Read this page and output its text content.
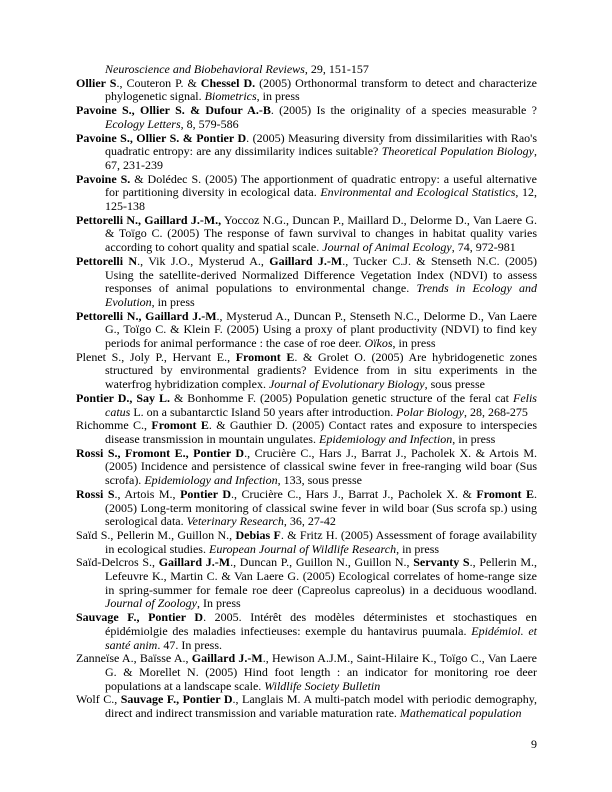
Neuroscience and Biobehavioral Reviews, 29, 151-157

Ollier S., Couteron P. & Chessel D. (2005) Orthonormal transform to detect and characterize phylogenetic signal. Biometrics, in press

Pavoine S., Ollier S. & Dufour A.-B. (2005) Is the originality of a species measurable ? Ecology Letters, 8, 579-586

Pavoine S., Ollier S. & Pontier D. (2005) Measuring diversity from dissimilarities with Rao's quadratic entropy: are any dissimilarity indices suitable? Theoretical Population Biology, 67, 231-239

Pavoine S. & Dolédec S. (2005) The apportionment of quadratic entropy: a useful alternative for partitioning diversity in ecological data. Environmental and Ecological Statistics, 12, 125-138

Pettorelli N., Gaillard J.-M., Yoccoz N.G., Duncan P., Maillard D., Delorme D., Van Laere G. & Toïgo C. (2005) The response of fawn survival to changes in habitat quality varies according to cohort quality and spatial scale. Journal of Animal Ecology, 74, 972-981

Pettorelli N., Vik J.O., Mysterud A., Gaillard J.-M., Tucker C.J. & Stenseth N.C. (2005) Using the satellite-derived Normalized Difference Vegetation Index (NDVI) to assess responses of animal populations to environmental change. Trends in Ecology and Evolution, in press

Pettorelli N., Gaillard J.-M., Mysterud A., Duncan P., Stenseth N.C., Delorme D., Van Laere G., Toïgo C. & Klein F. (2005) Using a proxy of plant productivity (NDVI) to find key periods for animal performance : the case of roe deer. Oïkos, in press

Plenet S., Joly P., Hervant E., Fromont E. & Grolet O. (2005) Are hybridogenetic zones structured by environmental gradients? Evidence from in situ experiments in the waterfrog hybridization complex. Journal of Evolutionary Biology, sous presse

Pontier D., Say L. & Bonhomme F. (2005) Population genetic structure of the feral cat Felis catus L. on a subantarctic Island 50 years after introduction. Polar Biology, 28, 268-275

Richomme C., Fromont E. & Gauthier D. (2005) Contact rates and exposure to interspecies disease transmission in mountain ungulates. Epidemiology and Infection, in press

Rossi S., Fromont E., Pontier D., Crucière C., Hars J., Barrat J., Pacholek X. & Artois M. (2005) Incidence and persistence of classical swine fever in free-ranging wild boar (Sus scrofa). Epidemiology and Infection, 133, sous presse

Rossi S., Artois M., Pontier D., Crucière C., Hars J., Barrat J., Pacholek X. & Fromont E. (2005) Long-term monitoring of classical swine fever in wild boar (Sus scrofa sp.) using serological data. Veterinary Research, 36, 27-42

Saïd S., Pellerin M., Guillon N., Debias F. & Fritz H. (2005) Assessment of forage availability in ecological studies. European Journal of Wildlife Research, in press

Saïd-Delcros S., Gaillard J.-M., Duncan P., Guillon N., Guillon N., Servanty S., Pellerin M., Lefeuvre K., Martin C. & Van Laere G. (2005) Ecological correlates of home-range size in spring-summer for female roe deer (Capreolus capreolus) in a deciduous woodland. Journal of Zoology, In press

Sauvage F., Pontier D. 2005. Intérêt des modèles déterministes et stochastiques en épidémiolgie des maladies infectieuses: exemple du hantavirus puumala. Epidémiol. et santé anim. 47. In press.

Zanneïse A., Baïsse A., Gaillard J.-M., Hewison A.J.M., Saint-Hilaire K., Toïgo C., Van Laere G. & Morellet N. (2005) Hind foot length : an indicator for monitoring roe deer populations at a landscape scale. Wildlife Society Bulletin

Wolf C., Sauvage F., Pontier D., Langlais M. A multi-patch model with periodic demography, direct and indirect transmission and variable maturation rate. Mathematical population

9
